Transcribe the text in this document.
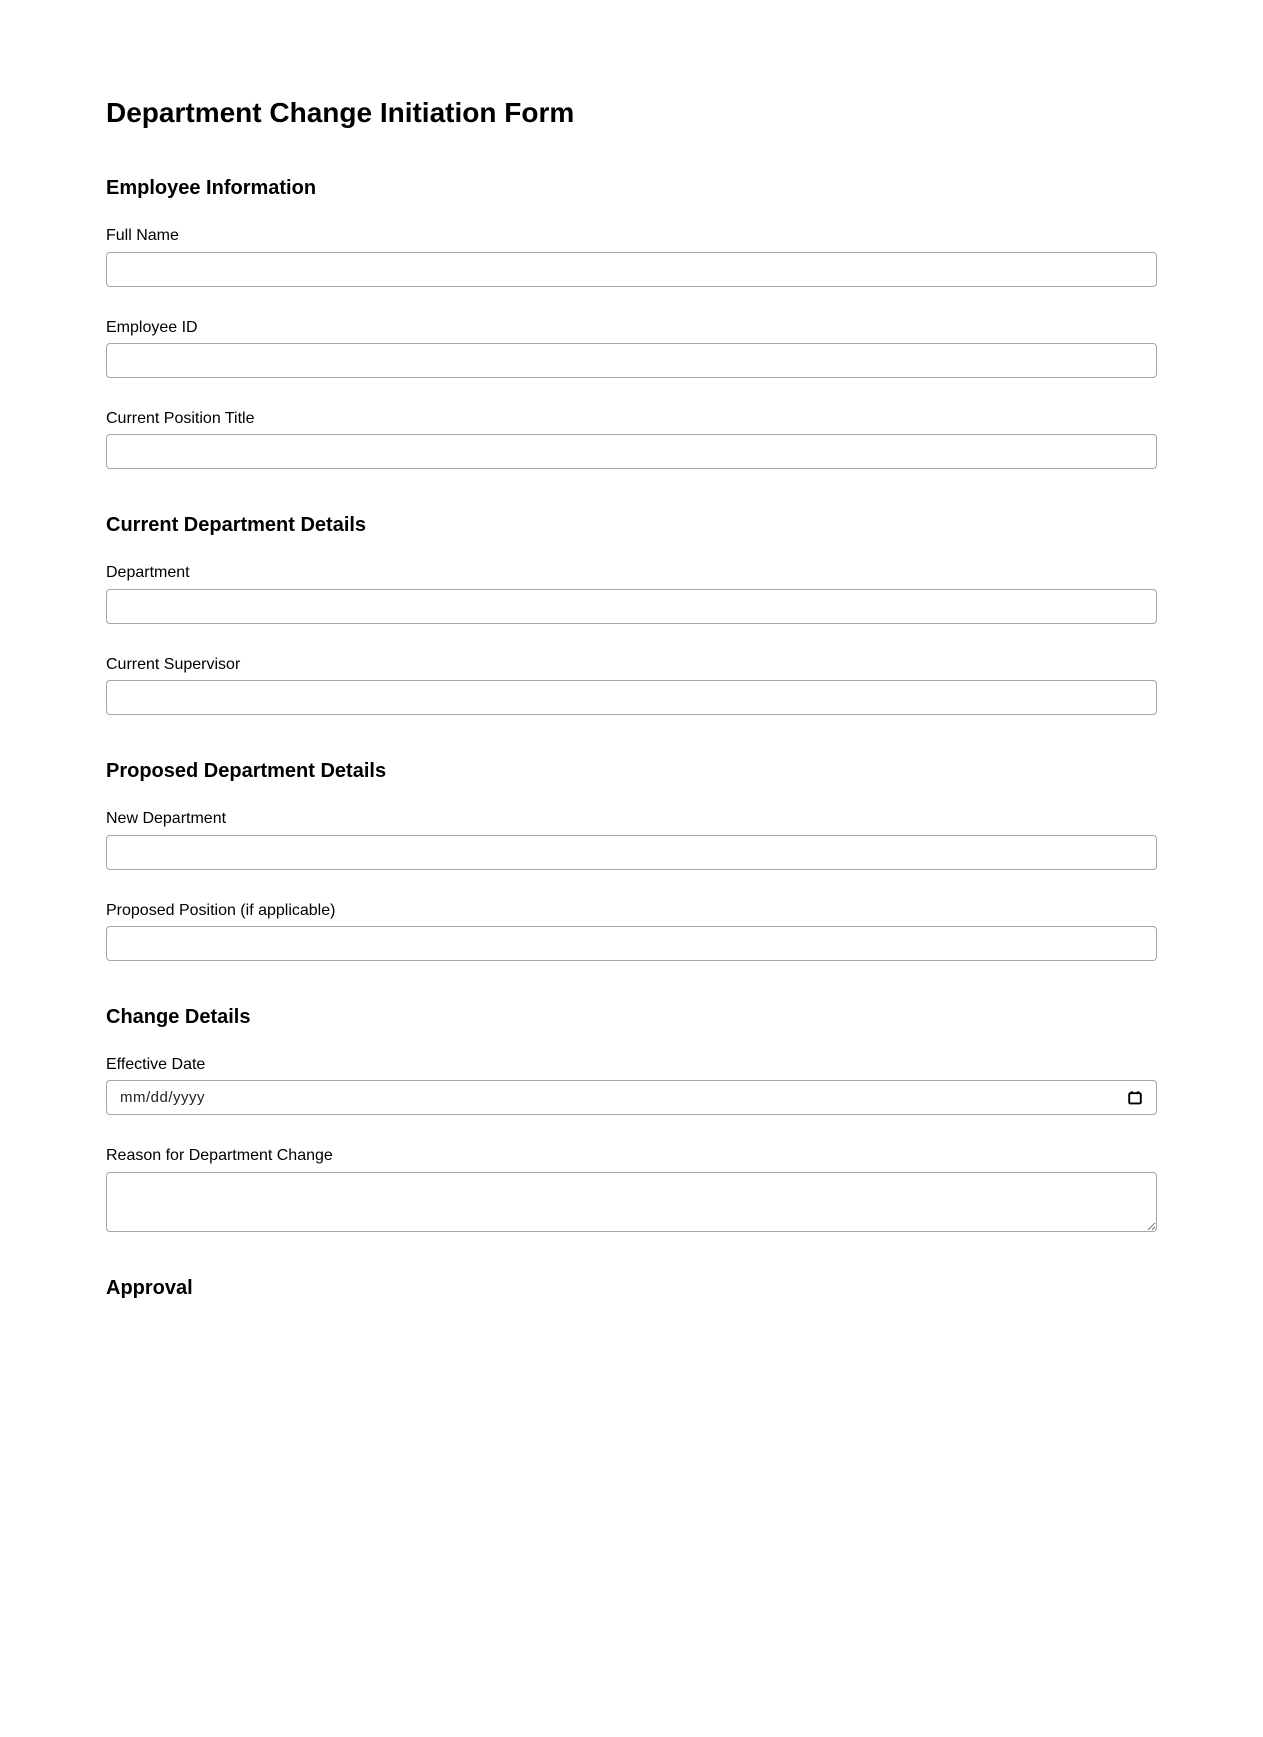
Department Change Initiation Form
Employee Information
Full Name
Employee ID
Current Position Title
Current Department Details
Department
Current Supervisor
Proposed Department Details
New Department
Proposed Position (if applicable)
Change Details
Effective Date
mm/dd/yyyy
Reason for Department Change
Approval
